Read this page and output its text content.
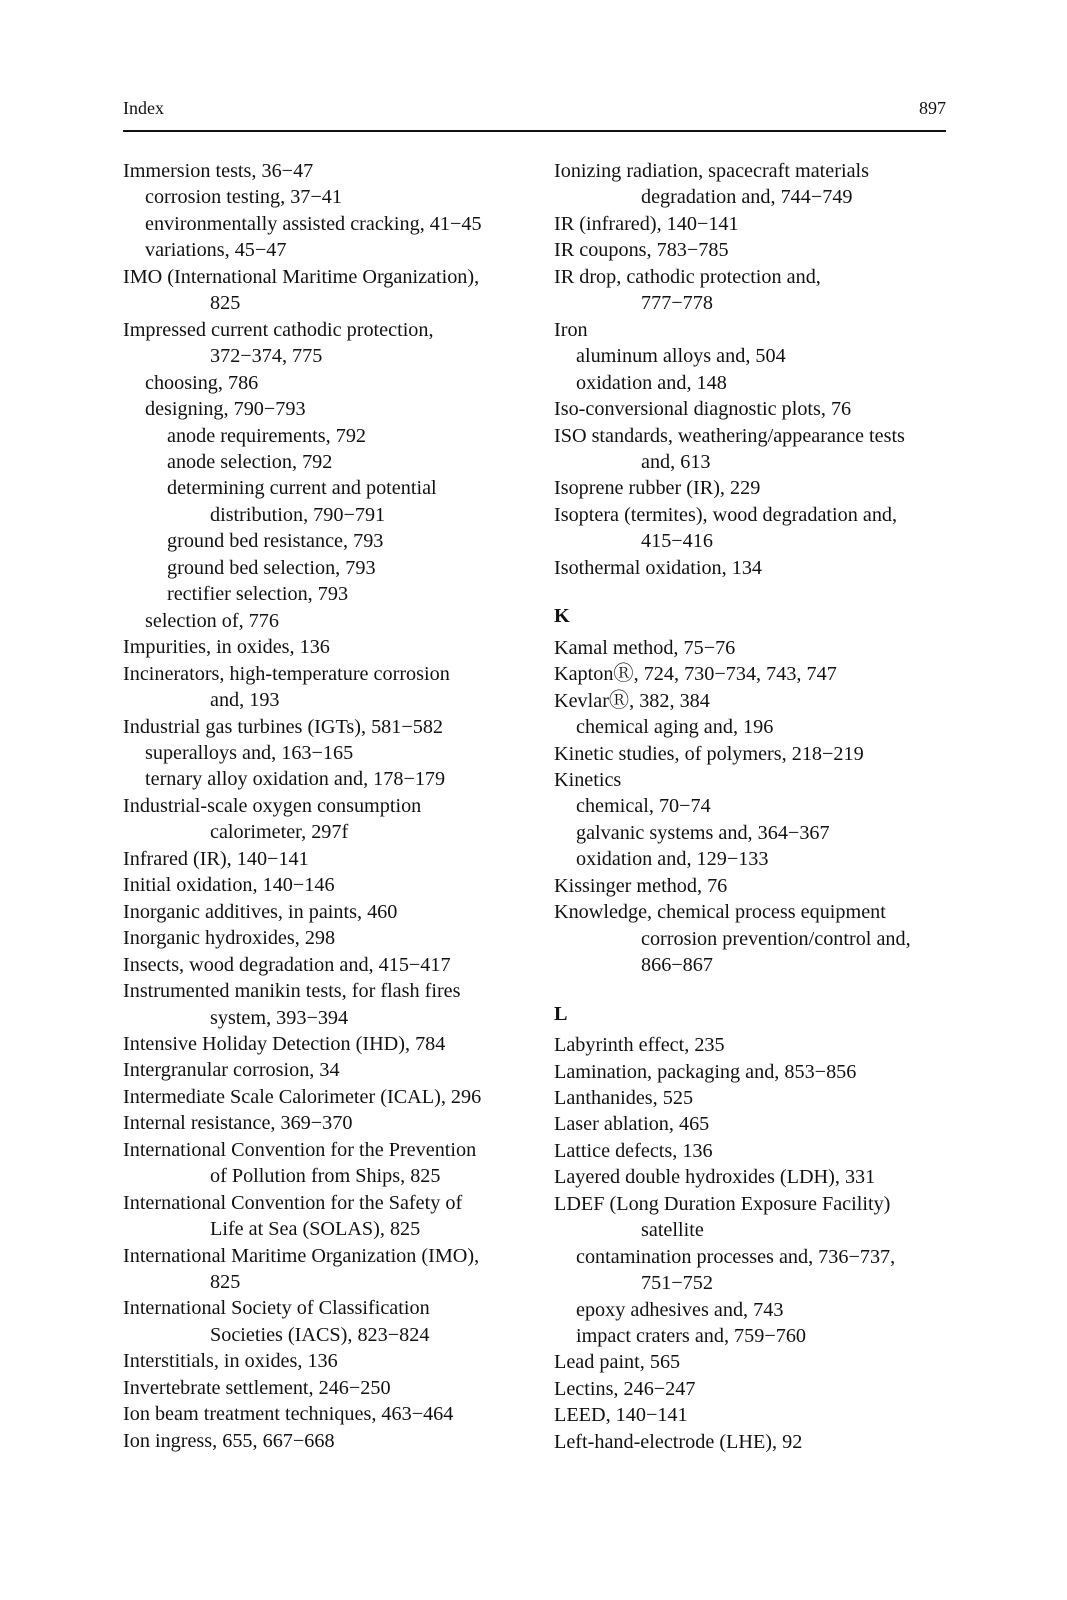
Index	897
Immersion tests, 36−47
corrosion testing, 37−41
environmentally assisted cracking, 41−45
variations, 45−47
IMO (International Maritime Organization),
825
Impressed current cathodic protection,
372−374, 775
choosing, 786
designing, 790−793
anode requirements, 792
anode selection, 792
determining current and potential
distribution, 790−791
ground bed resistance, 793
ground bed selection, 793
rectifier selection, 793
selection of, 776
Impurities, in oxides, 136
Incinerators, high-temperature corrosion
and, 193
Industrial gas turbines (IGTs), 581−582
superalloys and, 163−165
ternary alloy oxidation and, 178−179
Industrial-scale oxygen consumption
calorimeter, 297f
Infrared (IR), 140−141
Initial oxidation, 140−146
Inorganic additives, in paints, 460
Inorganic hydroxides, 298
Insects, wood degradation and, 415−417
Instrumented manikin tests, for flash fires
system, 393−394
Intensive Holiday Detection (IHD), 784
Intergranular corrosion, 34
Intermediate Scale Calorimeter (ICAL), 296
Internal resistance, 369−370
International Convention for the Prevention
of Pollution from Ships, 825
International Convention for the Safety of
Life at Sea (SOLAS), 825
International Maritime Organization (IMO),
825
International Society of Classification
Societies (IACS), 823−824
Interstitials, in oxides, 136
Invertebrate settlement, 246−250
Ion beam treatment techniques, 463−464
Ion ingress, 655, 667−668
Ionizing radiation, spacecraft materials
degradation and, 744−749
IR (infrared), 140−141
IR coupons, 783−785
IR drop, cathodic protection and,
777−778
Iron
aluminum alloys and, 504
oxidation and, 148
Iso-conversional diagnostic plots, 76
ISO standards, weathering/appearance tests
and, 613
Isoprene rubber (IR), 229
Isoptera (termites), wood degradation and,
415−416
Isothermal oxidation, 134
K
Kamal method, 75−76
KaptonⓇ, 724, 730−734, 743, 747
KevlarⓇ, 382, 384
chemical aging and, 196
Kinetic studies, of polymers, 218−219
Kinetics
chemical, 70−74
galvanic systems and, 364−367
oxidation and, 129−133
Kissinger method, 76
Knowledge, chemical process equipment
corrosion prevention/control and,
866−867
L
Labyrinth effect, 235
Lamination, packaging and, 853−856
Lanthanides, 525
Laser ablation, 465
Lattice defects, 136
Layered double hydroxides (LDH), 331
LDEF (Long Duration Exposure Facility)
satellite
contamination processes and, 736−737,
751−752
epoxy adhesives and, 743
impact craters and, 759−760
Lead paint, 565
Lectins, 246−247
LEED, 140−141
Left-hand-electrode (LHE), 92
